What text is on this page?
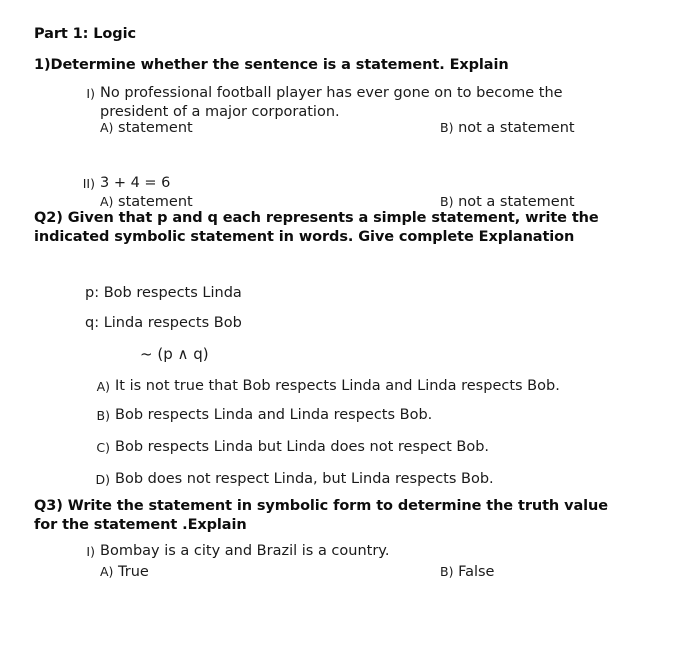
Part 1: Logic
1)Determine whether the sentence is a statement. Explain
I) No professional football player has ever gone on to become the president of a major corporation.
A) statement	B) not a statement
II) 3 + 4 = 6
A) statement	B) not a statement
Q2) Given that p and q each represents a simple statement, write the indicated symbolic statement in words. Give complete Explanation
p: Bob respects Linda
q: Linda respects Bob
~ (p ∧ q)
A) It is not true that Bob respects Linda and Linda respects Bob.
B) Bob respects Linda and Linda respects Bob.
C) Bob respects Linda but Linda does not respect Bob.
D) Bob does not respect Linda, but Linda respects Bob.
Q3) Write the statement in symbolic form to determine the truth value for the statement .Explain
I) Bombay is a city and Brazil is a country.
A) True	B) False
